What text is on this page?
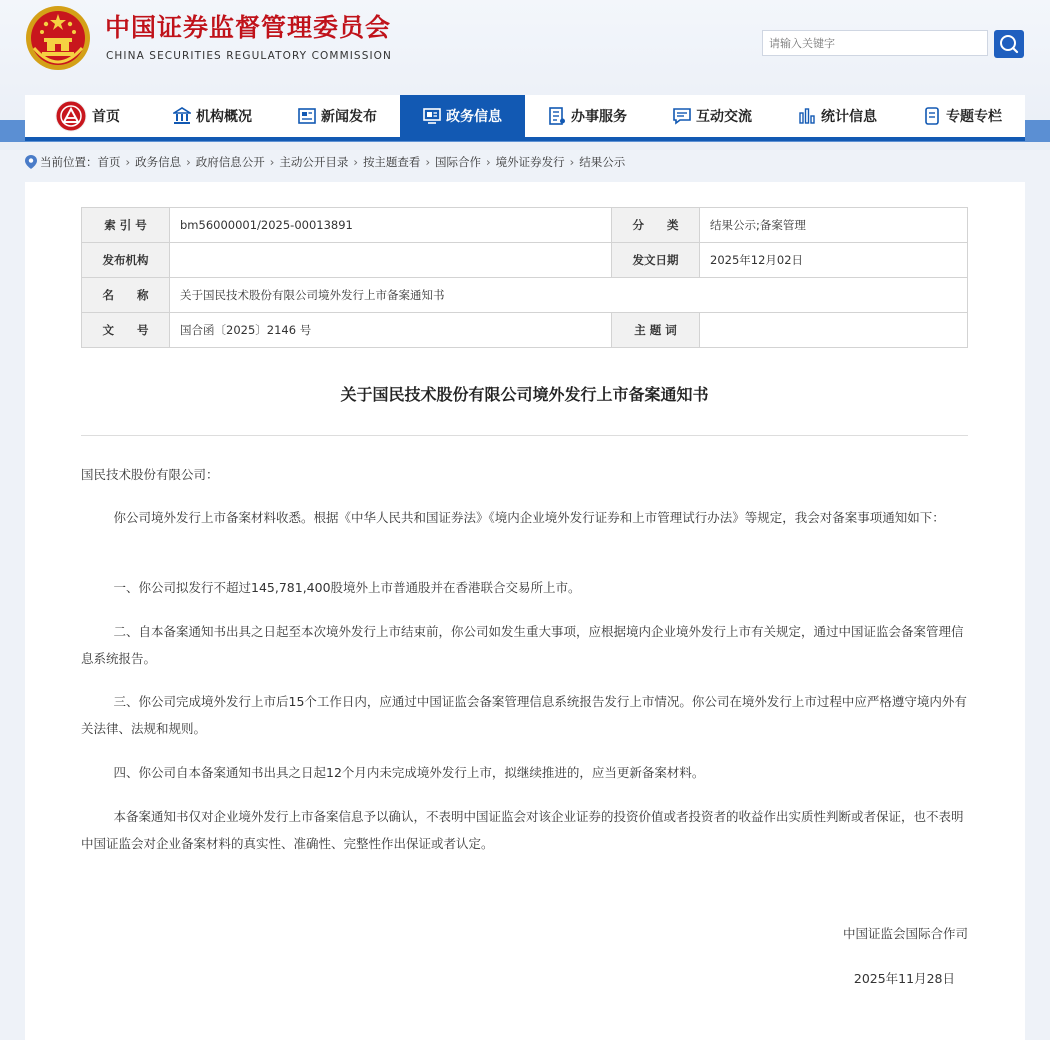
中国证券监督管理委员会
CHINA SECURITIES REGULATORY COMMISSION
请输入关键字
首页	机构概况	新闻发布	政务信息	办事服务	互动交流	统计信息	专题专栏
当前位置： 首页 › 政务信息 › 政府信息公开 › 主动公开目录 › 按主题查看 › 国际合作 › 境外证券发行 › 结果公示
索 引 号	bm56000001/2025-00013891	分　　类	结果公示;备案管理
发布机构		发文日期	2025年12月02日
名　　称	关于国民技术股份有限公司境外发行上市备案通知书		
文　　号	国合函〔2025〕2146 号	主 题 词	
关于国民技术股份有限公司境外发行上市备案通知书
国民技术股份有限公司：

你公司境外发行上市备案材料收悉。根据《中华人民共和国证券法》《境内企业境外发行证券和上市管理试行办法》等规定，我会对备案事项通知如下：

一、你公司拟发行不超过145,781,400股境外上市普通股并在香港联合交易所上市。

二、自本备案通知书出具之日起至本次境外发行上市结束前，你公司如发生重大事项，应根据境内企业境外发行上市有关规定，通过中国证监会备案管理信息系统报告。

三、你公司完成境外发行上市后15个工作日内，应通过中国证监会备案管理信息系统报告发行上市情况。你公司在境外发行上市过程中应严格遵守境内外有关法律、法规和规则。

四、你公司自本备案通知书出具之日起12个月内未完成境外发行上市，拟继续推进的，应当更新备案材料。

本备案通知书仅对企业境外发行上市备案信息予以确认，不表明中国证监会对该企业证券的投资价值或者投资者的收益作出实质性判断或者保证，也不表明中国证监会对企业备案材料的真实性、准确性、完整性作出保证或者认定。

中国证监会国际合作司
2025年11月28日
